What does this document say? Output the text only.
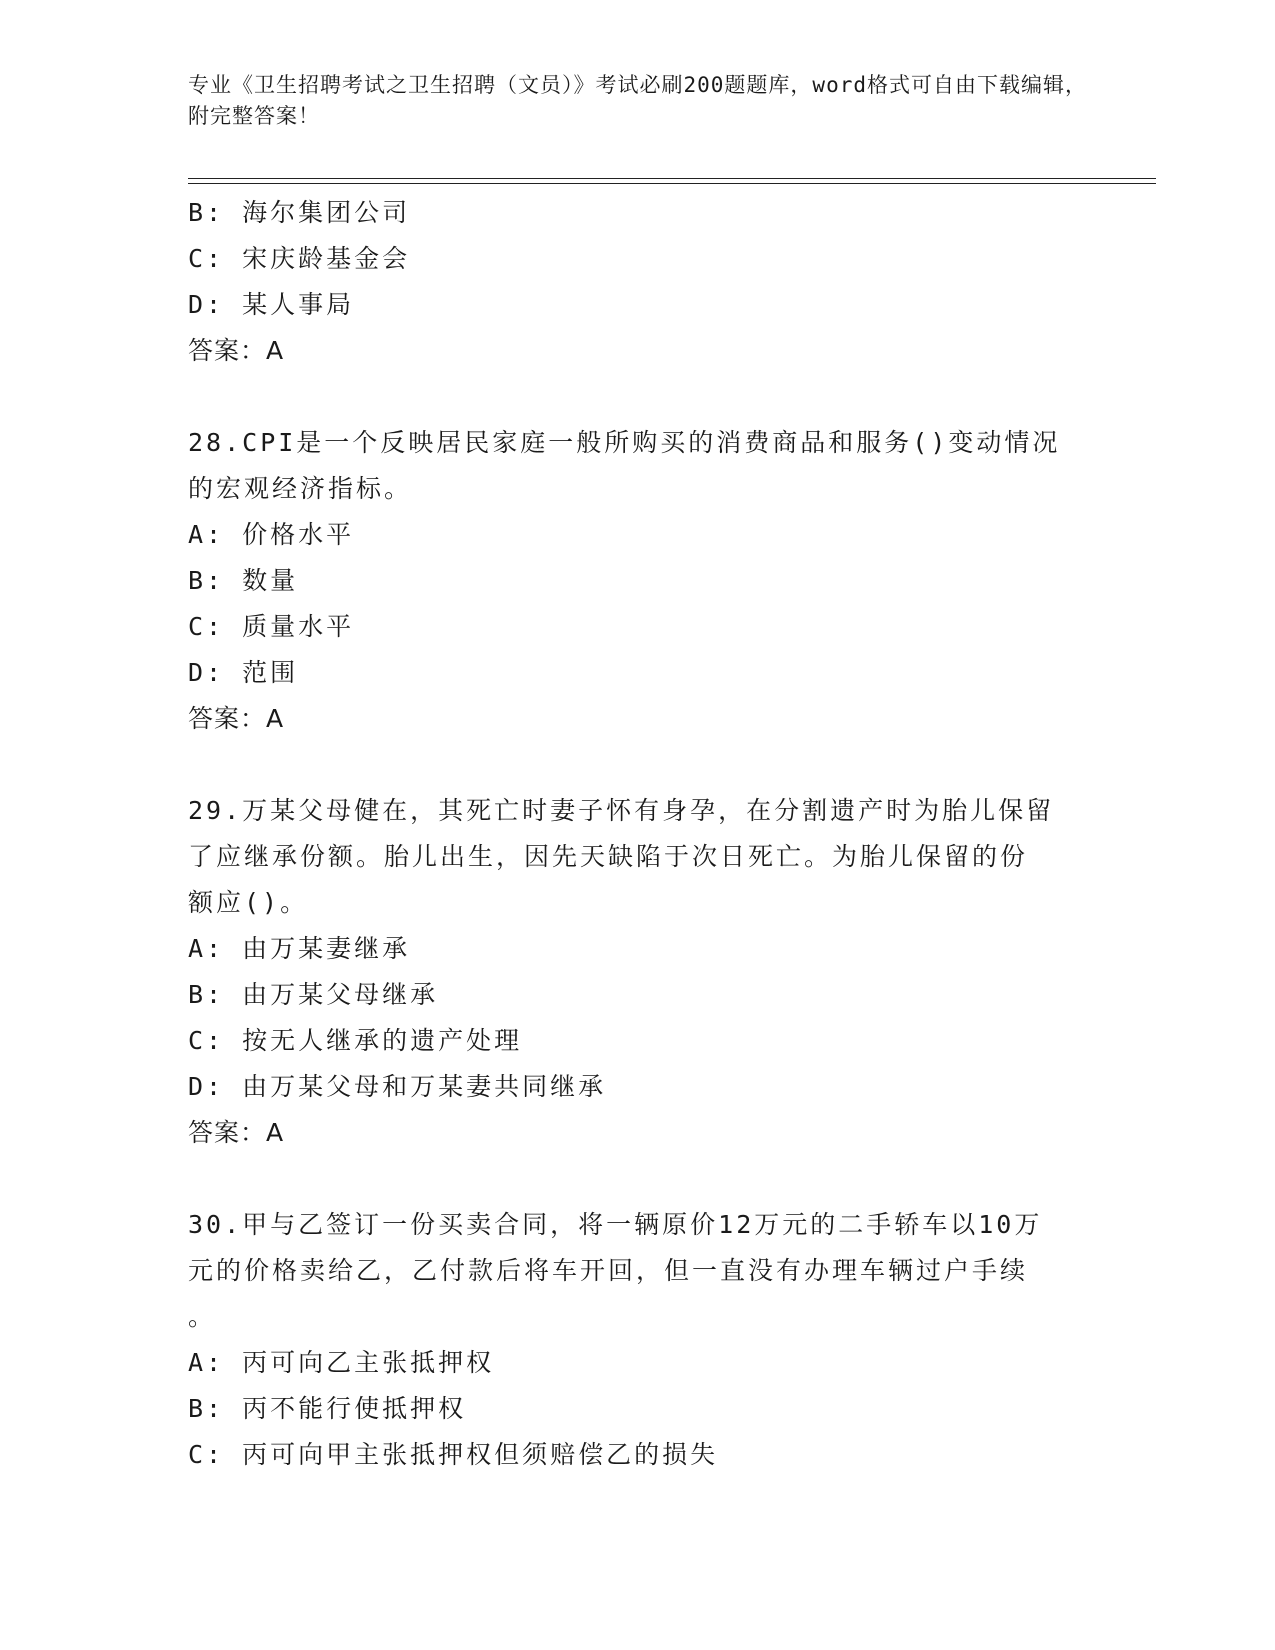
专业《卫生招聘考试之卫生招聘（文员）》考试必刷200题题库，word格式可自由下载编辑，附完整答案！
B: 海尔集团公司
C: 宋庆龄基金会
D: 某人事局
答案：A
28.CPI是一个反映居民家庭一般所购买的消费商品和服务()变动情况
的宏观经济指标。
A: 价格水平
B: 数量
C: 质量水平
D: 范围
答案：A
29.万某父母健在，其死亡时妻子怀有身孕，在分割遗产时为胎儿保留
了应继承份额。胎儿出生，因先天缺陷于次日死亡。为胎儿保留的份
额应()。
A: 由万某妻继承
B: 由万某父母继承
C: 按无人继承的遗产处理
D: 由万某父母和万某妻共同继承
答案：A
30.甲与乙签订一份买卖合同，将一辆原价12万元的二手轿车以10万
元的价格卖给乙，乙付款后将车开回，但一直没有办理车辆过户手续
。
A: 丙可向乙主张抵押权
B: 丙不能行使抵押权
C: 丙可向甲主张抵押权但须赔偿乙的损失
